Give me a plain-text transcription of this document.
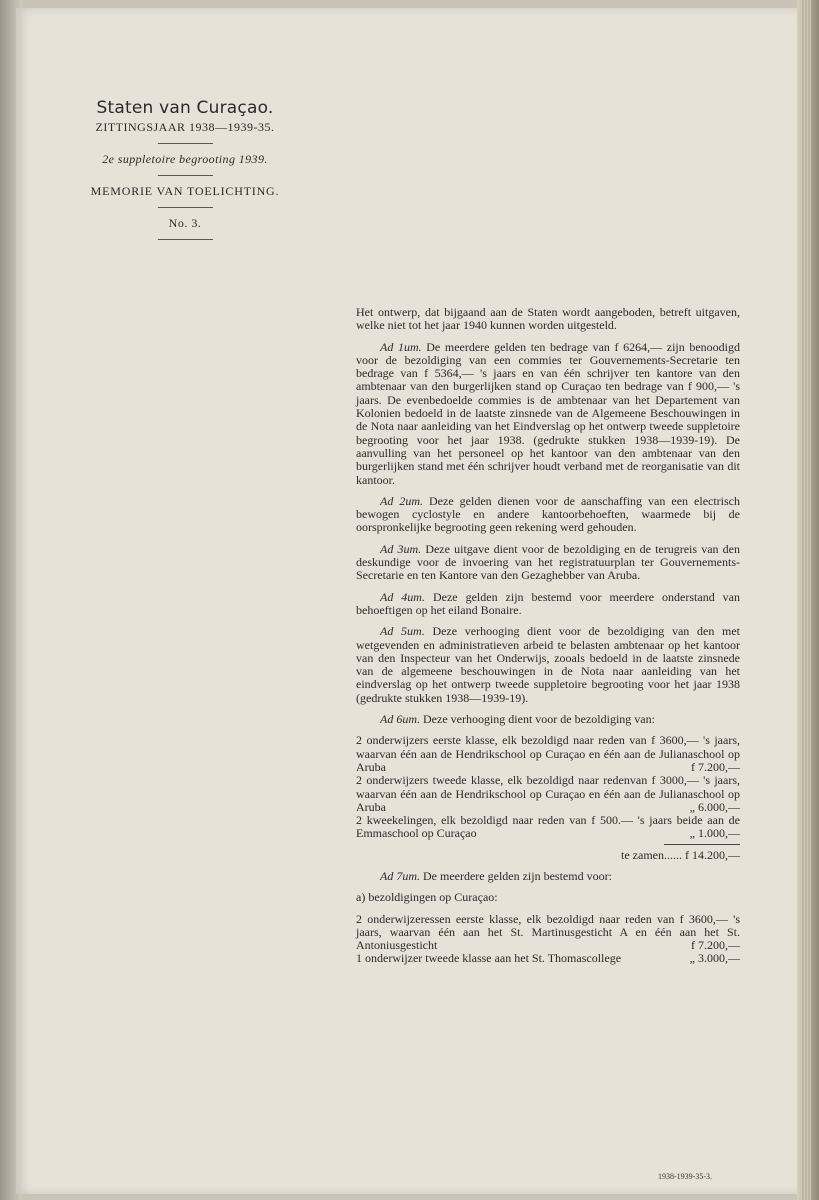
Staten van Curaçao.
ZITTINGSJAAR 1938—1939-35.
2e suppletoire begrooting 1939.
MEMORIE VAN TOELICHTING.
No. 3.

Het ontwerp, dat bijgaand aan de Staten wordt aangeboden, betreft uitgaven, welke niet tot het jaar 1940 kunnen worden uitgesteld.

Ad 1um. De meerdere gelden ten bedrage van f 6264,— zijn benoodigd voor de bezoldiging van een commies ter Gouvernements-Secretarie ten bedrage van f 5364,— 's jaars en van één schrijver ten kantore van den ambtenaar van den burgerlijken stand op Curaçao ten bedrage van f 900,— 's jaars. De evenbedoelde commies is de ambtenaar van het Departement van Kolonien bedoeld in de laatste zinsnede van de Algemeene Beschouwingen in de Nota naar aanleiding van het Eindverslag op het ontwerp tweede suppletoire begrooting voor het jaar 1938. (gedrukte stukken 1938—1939-19). De aanvulling van het personeel op het kantoor van den ambtenaar van den burgerlijken stand met één schrijver houdt verband met de reorganisatie van dit kantoor.

Ad 2um. Deze gelden dienen voor de aanschaffing van een electrisch bewogen cyclostyle en andere kantoorbehoeften, waarmede bij de oorspronkelijke begrooting geen rekening werd gehouden.

Ad 3um. Deze uitgave dient voor de bezoldiging en de terugreis van den deskundige voor de invoering van het registratuurplan ter Gouvernements-Secretarie en ten Kantore van den Gezaghebber van Aruba.

Ad 4um. Deze gelden zijn bestemd voor meerdere onderstand van behoeftigen op het eiland Bonaire.

Ad 5um. Deze verhooging dient voor de bezoldiging van den met wetgevenden en administratieven arbeid te belasten ambtenaar op het kantoor van den Inspecteur van het Onderwijs, zooals bedoeld in de laatste zinsnede van de algemeene beschouwingen in de Nota naar aanleiding van het eindverslag op het ontwerp tweede suppletoire begrooting voor het jaar 1938 (gedrukte stukken 1938—1939-19).

Ad 6um. Deze verhooging dient voor de bezoldiging van:

2 onderwijzers eerste klasse, elk bezoldigd naar reden van f 3600,— 's jaars, waarvan één aan de Hendrikschool op Curaçao en één aan de Julianaschool op Aruba	f 7.200,—
2 onderwijzers tweede klasse, elk bezoldigd naar redenvan f 3000,— 's jaars, waarvan één aan de Hendrikschool op Curaçao en één aan de Julianaschool op Aruba	„ 6.000,—
2 kweekelingen, elk bezoldigd naar reden van f 500.— 's jaars beide aan de Emmaschool op Curaçao	„ 1.000,—

te zamen...... f 14.200,—

Ad 7um. De meerdere gelden zijn bestemd voor:

a) bezoldigingen op Curaçao:

2 onderwijzeressen eerste klasse, elk bezoldigd naar reden van f 3600,— 's jaars, waarvan één aan het St. Martinusgesticht A en één aan het St. Antoniusgesticht	f 7.200,—
1 onderwijzer tweede klasse aan het St. Thomascollege	„ 3.000,—
1938-1939-35-3.
